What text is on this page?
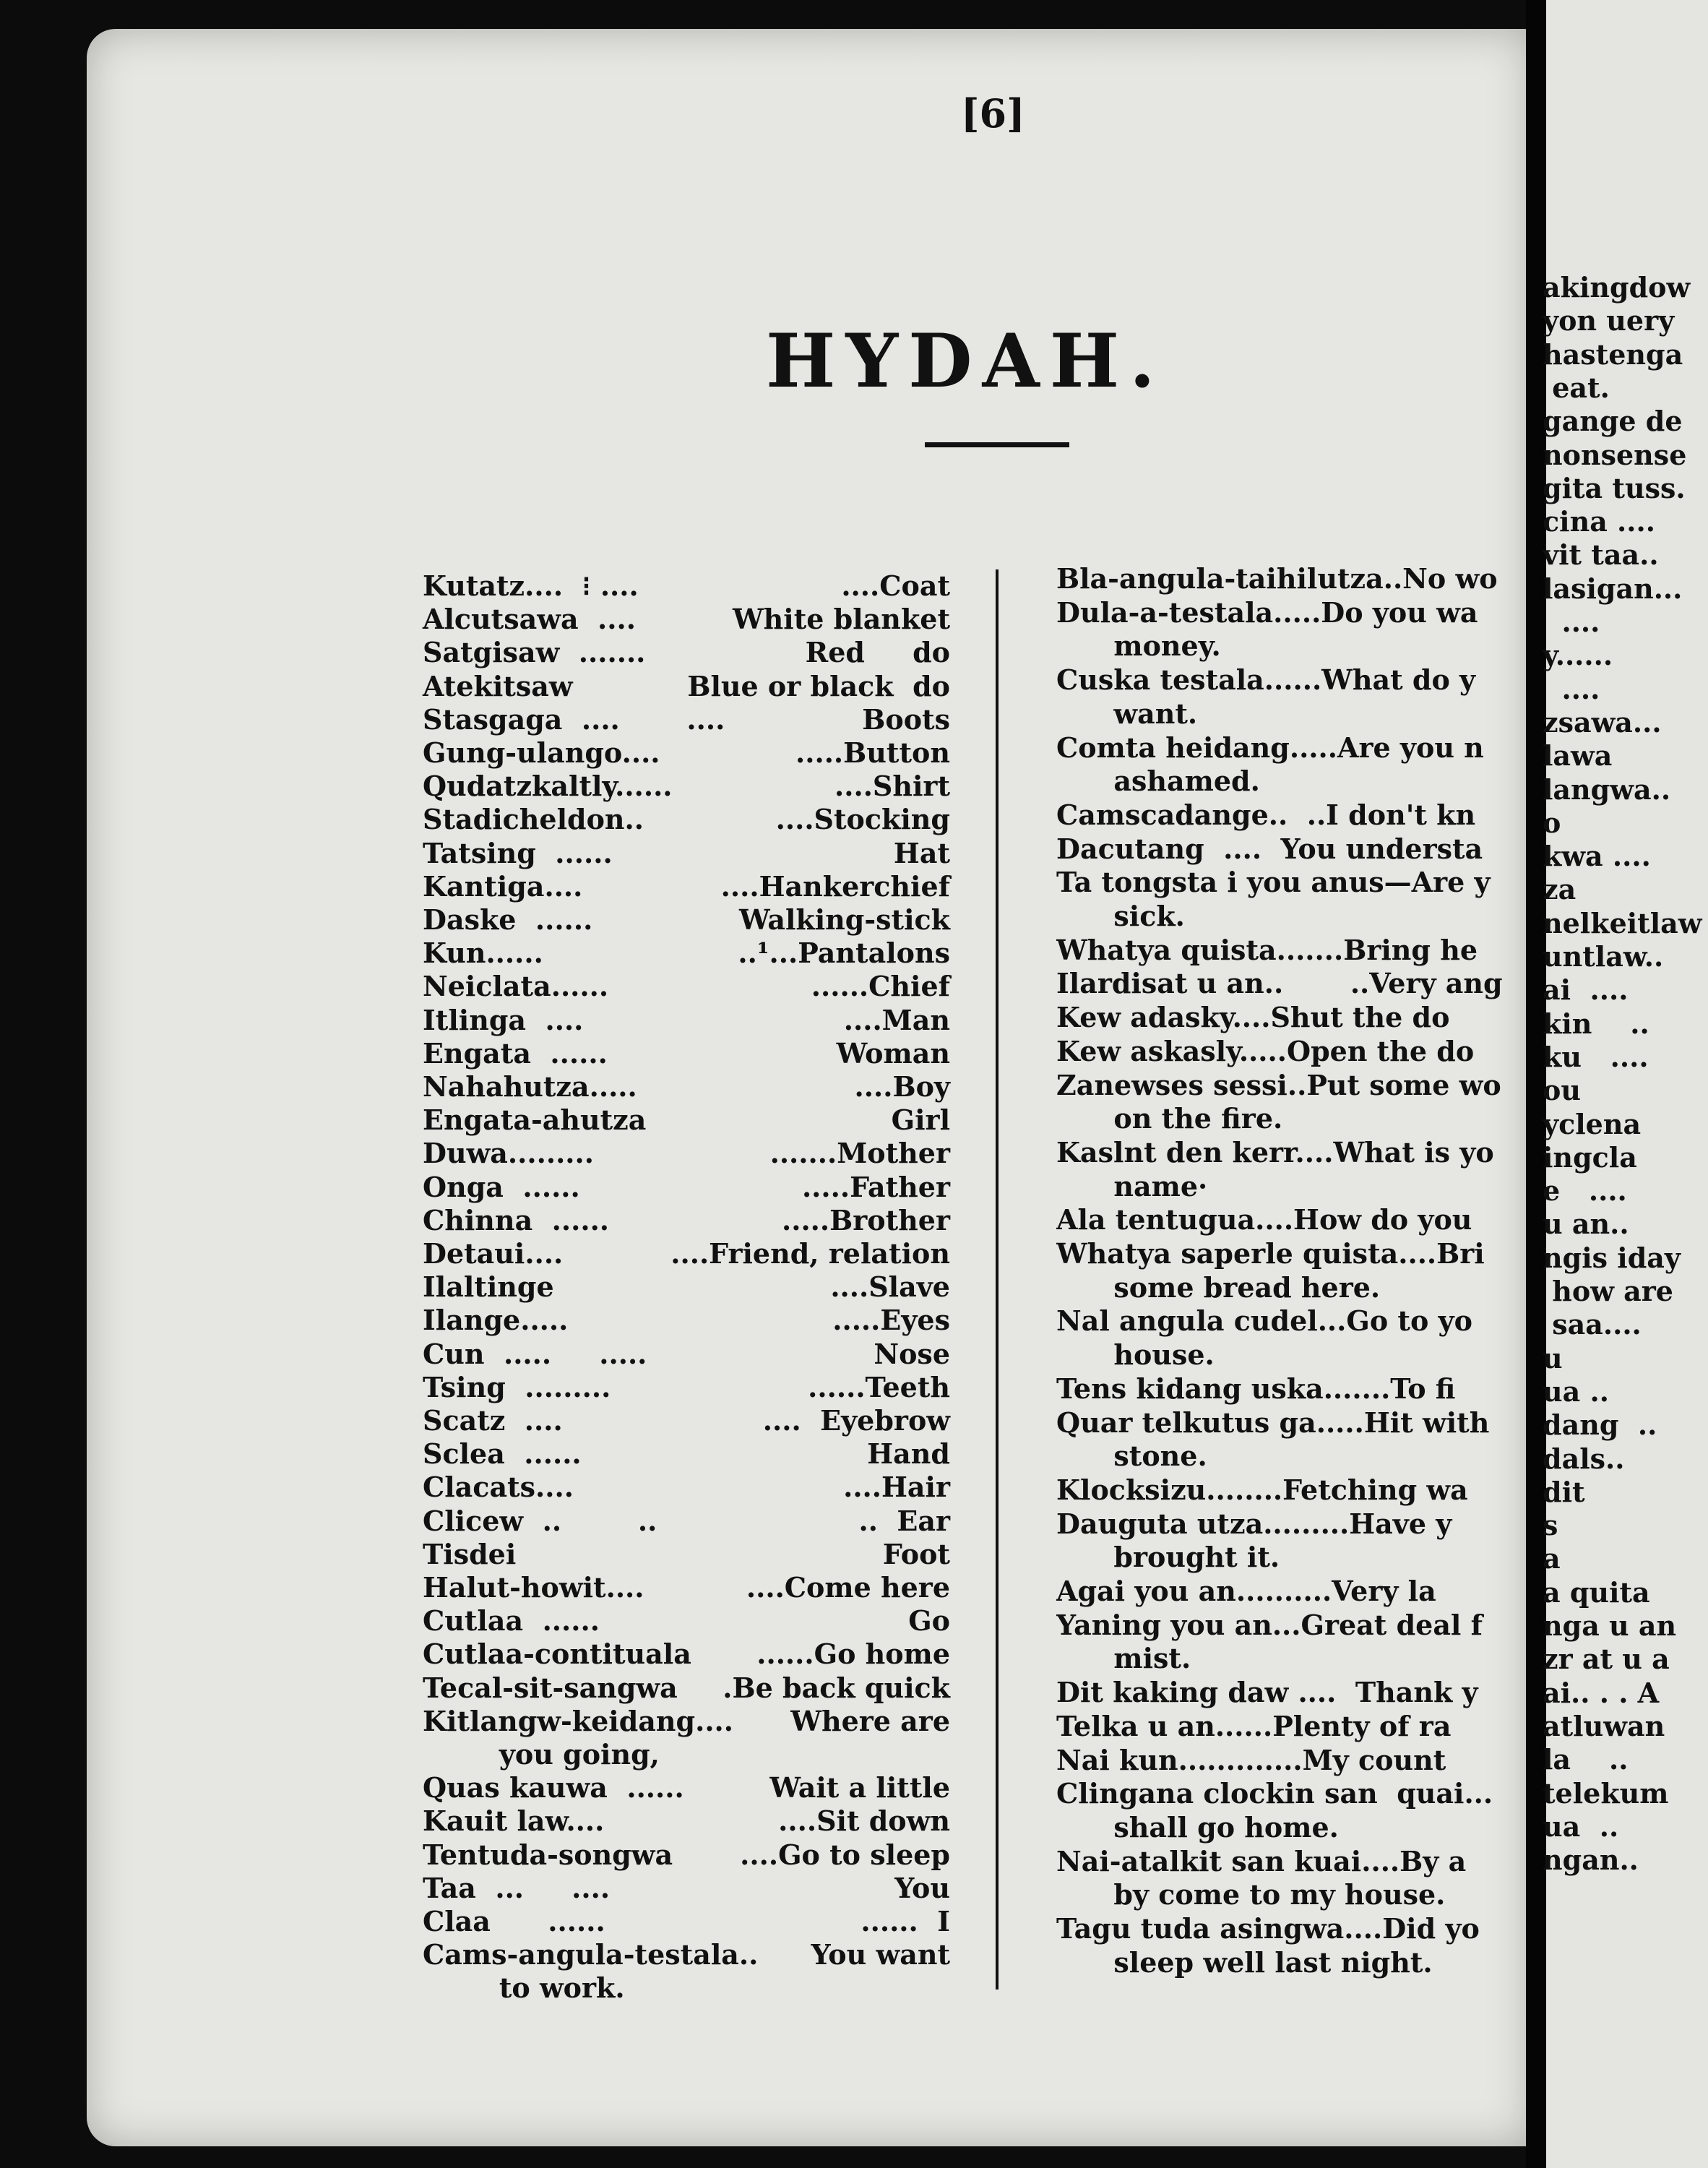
[6]
HYDAH.
Kutatz....  ⁝ ....	....Coat
Alcutsawa  ....	White blanket
Satgisaw  .......	Red     do
Atekitsaw	Blue or black  do
Stasgaga  ....       ....	Boots
Gung-ulango....	.....Button
Qudatzkaltly......	....Shirt
Stadicheldon..	....Stocking
Tatsing  ......	Hat
Kantiga....	....Hankerchief
Daske  ......	Walking-stick
Kun......	..¹...Pantalons
Neiclata......	......Chief
Itlinga  ....	....Man
Engata  ......	Woman
Nahahutza.....	....Boy
Engata-ahutza	Girl
Duwa.........	.......Mother
Onga  ......	.....Father
Chinna  ......	.....Brother
Detaui....	....Friend, relation
Ilaltinge	....Slave
Ilange.....	.....Eyes
Cun  .....     .....	Nose
Tsing  .........	......Teeth
Scatz  ....	....  Eyebrow
Sclea  ......	Hand
Clacats....	....Hair
Clicew  ..        ..	..  Ear
Tisdei	Foot
Halut-howit....	....Come here
Cutlaa  ......	Go
Cutlaa-contituala ......Go home
Tecal-sit-sangwa .Be back quick
Kitlangw-keidang.... Where are
you going,
Quas kauwa  ......	Wait a little
Kauit law....	....Sit down
Tentuda-songwa ....Go to sleep
Taa  ...     ....	You
Claa      ......	......  I
Cams-angula-testala.. You want
to work.
Bla-angula-taihilutza..No wo
Dula-a-testala.....Do you wa
money.
Cuska testala......What do y
want.
Comta heidang.....Are you n
ashamed.
Camscadange..  ..I don't kn
Dacutang  ....  You understa
Ta tongsta i you anus—Are y
sick.
Whatya quista.......Bring he
Ilardisat u an..       ..Very ang
Kew adasky....Shut the do
Kew askasly.....Open the do
Zanewses sessi..Put some wo
on the fire.
Kaslnt den kerr....What is yo
name·
Ala tentugua....How do you
Whatya saperle quista....Bri
some bread here.
Nal angula cudel...Go to yo
house.
Tens kidang uska.......To fi
Quar telkutus ga.....Hit with
stone.
Klocksizu........Fetching wa
Dauguta utza.........Have y
brought it.
Agai you an..........Very la
Yaning you an...Great deal f
mist.
Dit kaking daw ....  Thank y
Telka u an......Plenty of ra
Nai kun.............My count
Clingana clockin san  quai...
shall go home.
Nai-atalkit san kuai....By a
by come to my house.
Tagu tuda asingwa....Did yo
sleep well last night.
akingdow
yon uery
hastenga
eat.
gange de
nonsense
gita tuss.
cina ....
vit taa..
lasigan...
....
y......
....
zsawa...
lawa
langwa..
o
kwa ....
za
nelkeitlaw
untlaw..
ai  ....
kin    ..
ku   ....
ou
yclena
ingcla
e   ....
u an..
ngis iday
how are
saa....
u
ua ..
dang  ..
dals..
dit
s
a
a quita
nga u an
zr at u a
ai.. . . A
atluwan
la    ..
telekum
ua  ..
ngan..
